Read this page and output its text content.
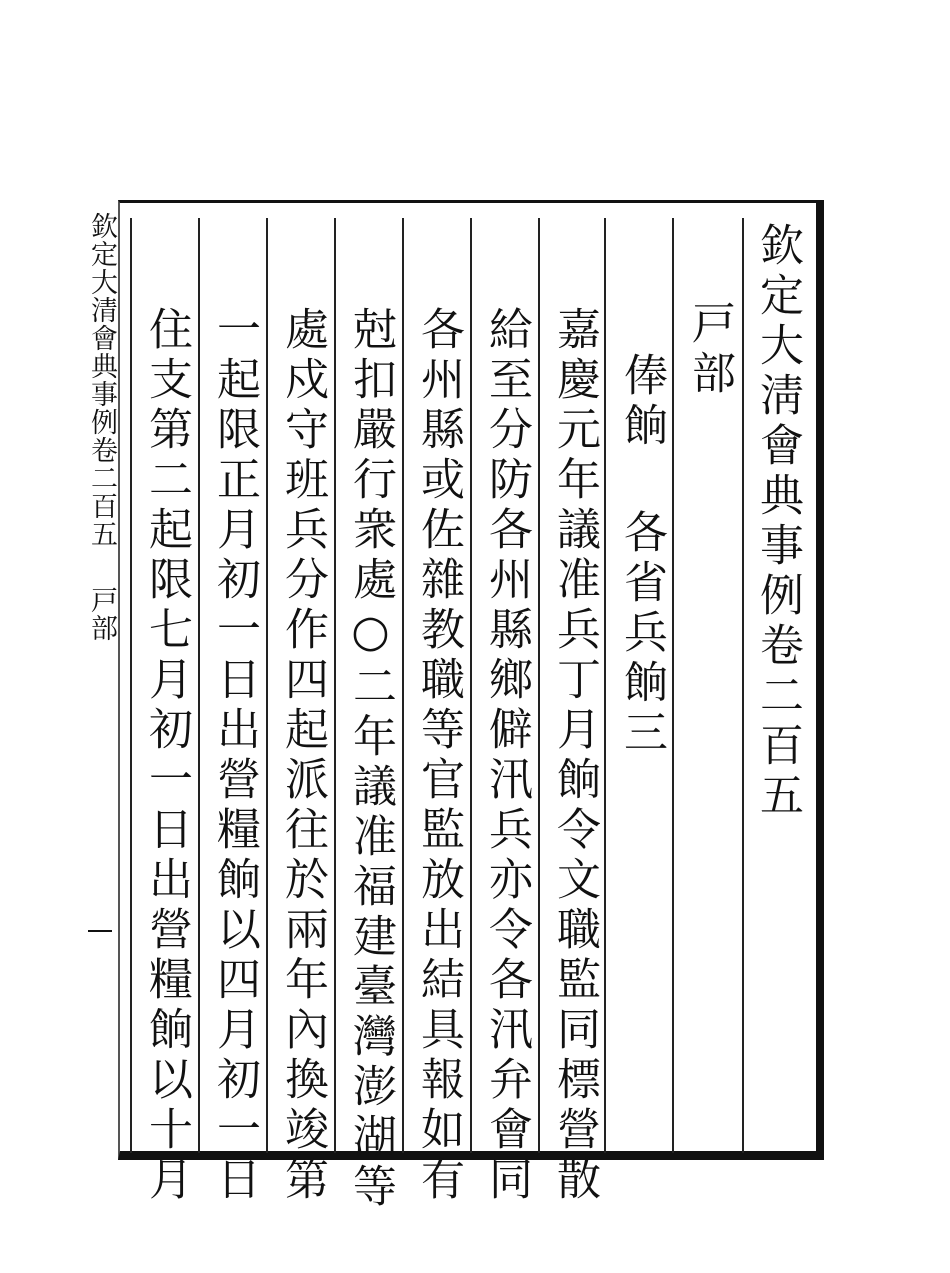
欽定大淸會典事例卷二百五
戸部
俸餉 各省兵餉三
嘉慶元年議准兵丁月餉令文職監同標營散
給至分防各州縣鄉僻汛兵亦令各汛弁會同
各州縣或佐雜教職等官監放出結具報如有
尅扣嚴行衆處○二年議准福建臺灣澎湖等
處戍守班兵分作四起派往於兩年內換竣第
一起限正月初一日出營糧餉以四月初一日
住支第二起限七月初一日出營糧餉以十月
欽定大清會典事例卷二百五
戸部
